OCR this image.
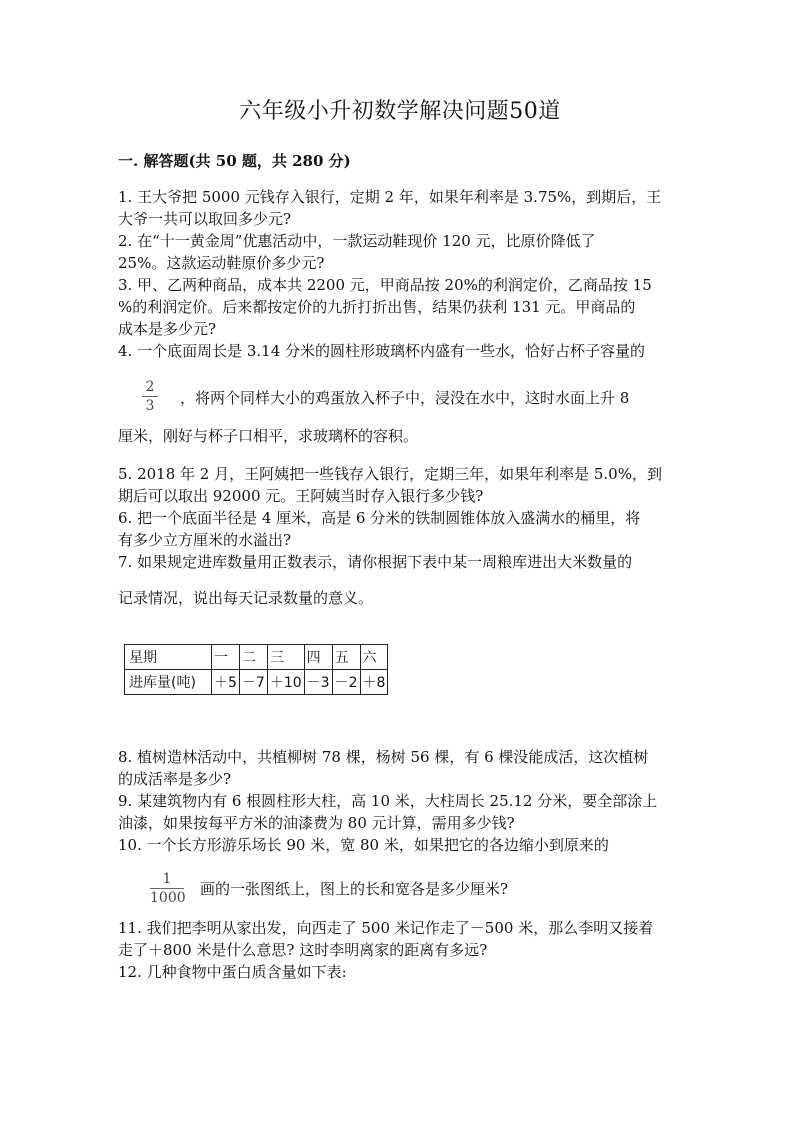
六年级小升初数学解决问题50道
一. 解答题(共 50 题，共 280 分)
1. 王大爷把 5000 元钱存入银行，定期 2 年，如果年利率是 3.75%，到期后，王
大爷一共可以取回多少元?
2. 在“十一黄金周”优惠活动中，一款运动鞋现价 120 元，比原价降低了
25%。这款运动鞋原价多少元?
3. 甲、乙两种商品，成本共 2200 元，甲商品按 20%的利润定价，乙商品按 15
%的利润定价。后来都按定价的九折打折出售，结果仍获利 131 元。甲商品的
成本是多少元?
4. 一个底面周长是 3.14 分米的圆柱形玻璃杯内盛有一些水，恰好占杯子容量的
$\frac{2}{3}$ ，将两个同样大小的鸡蛋放入杯子中，浸没在水中，这时水面上升 8
厘米，刚好与杯子口相平，求玻璃杯的容积。
5. 2018 年 2 月，王阿姨把一些钱存入银行，定期三年，如果年利率是 5.0%，到
期后可以取出 92000 元。王阿姨当时存入银行多少钱?
6. 把一个底面半径是 4 厘米，高是 6 分米的铁制圆锥体放入盛满水的桶里，将
有多少立方厘米的水溢出?
7. 如果规定进库数量用正数表示，请你根据下表中某一周粮库进出大米数量的
记录情况，说出每天记录数量的意义。
星期	一	二	三	四	五	六
进库量(吨)	＋5	－7	＋10	－3	－2	＋8
8. 植树造林活动中，共植柳树 78 棵，杨树 56 棵，有 6 棵没能成活，这次植树
的成活率是多少?
9. 某建筑物内有 6 根圆柱形大柱，高 10 米，大柱周长 25.12 分米，要全部涂上
油漆，如果按每平方米的油漆费为 80 元计算，需用多少钱?
10. 一个长方形游乐场长 90 米，宽 80 米，如果把它的各边缩小到原来的
$\frac{1}{1000}$ 画的一张图纸上，图上的长和宽各是多少厘米?
11. 我们把李明从家出发，向西走了 500 米记作走了－500 米，那么李明又接着
走了＋800 米是什么意思? 这时李明离家的距离有多远?
12. 几种食物中蛋白质含量如下表:
